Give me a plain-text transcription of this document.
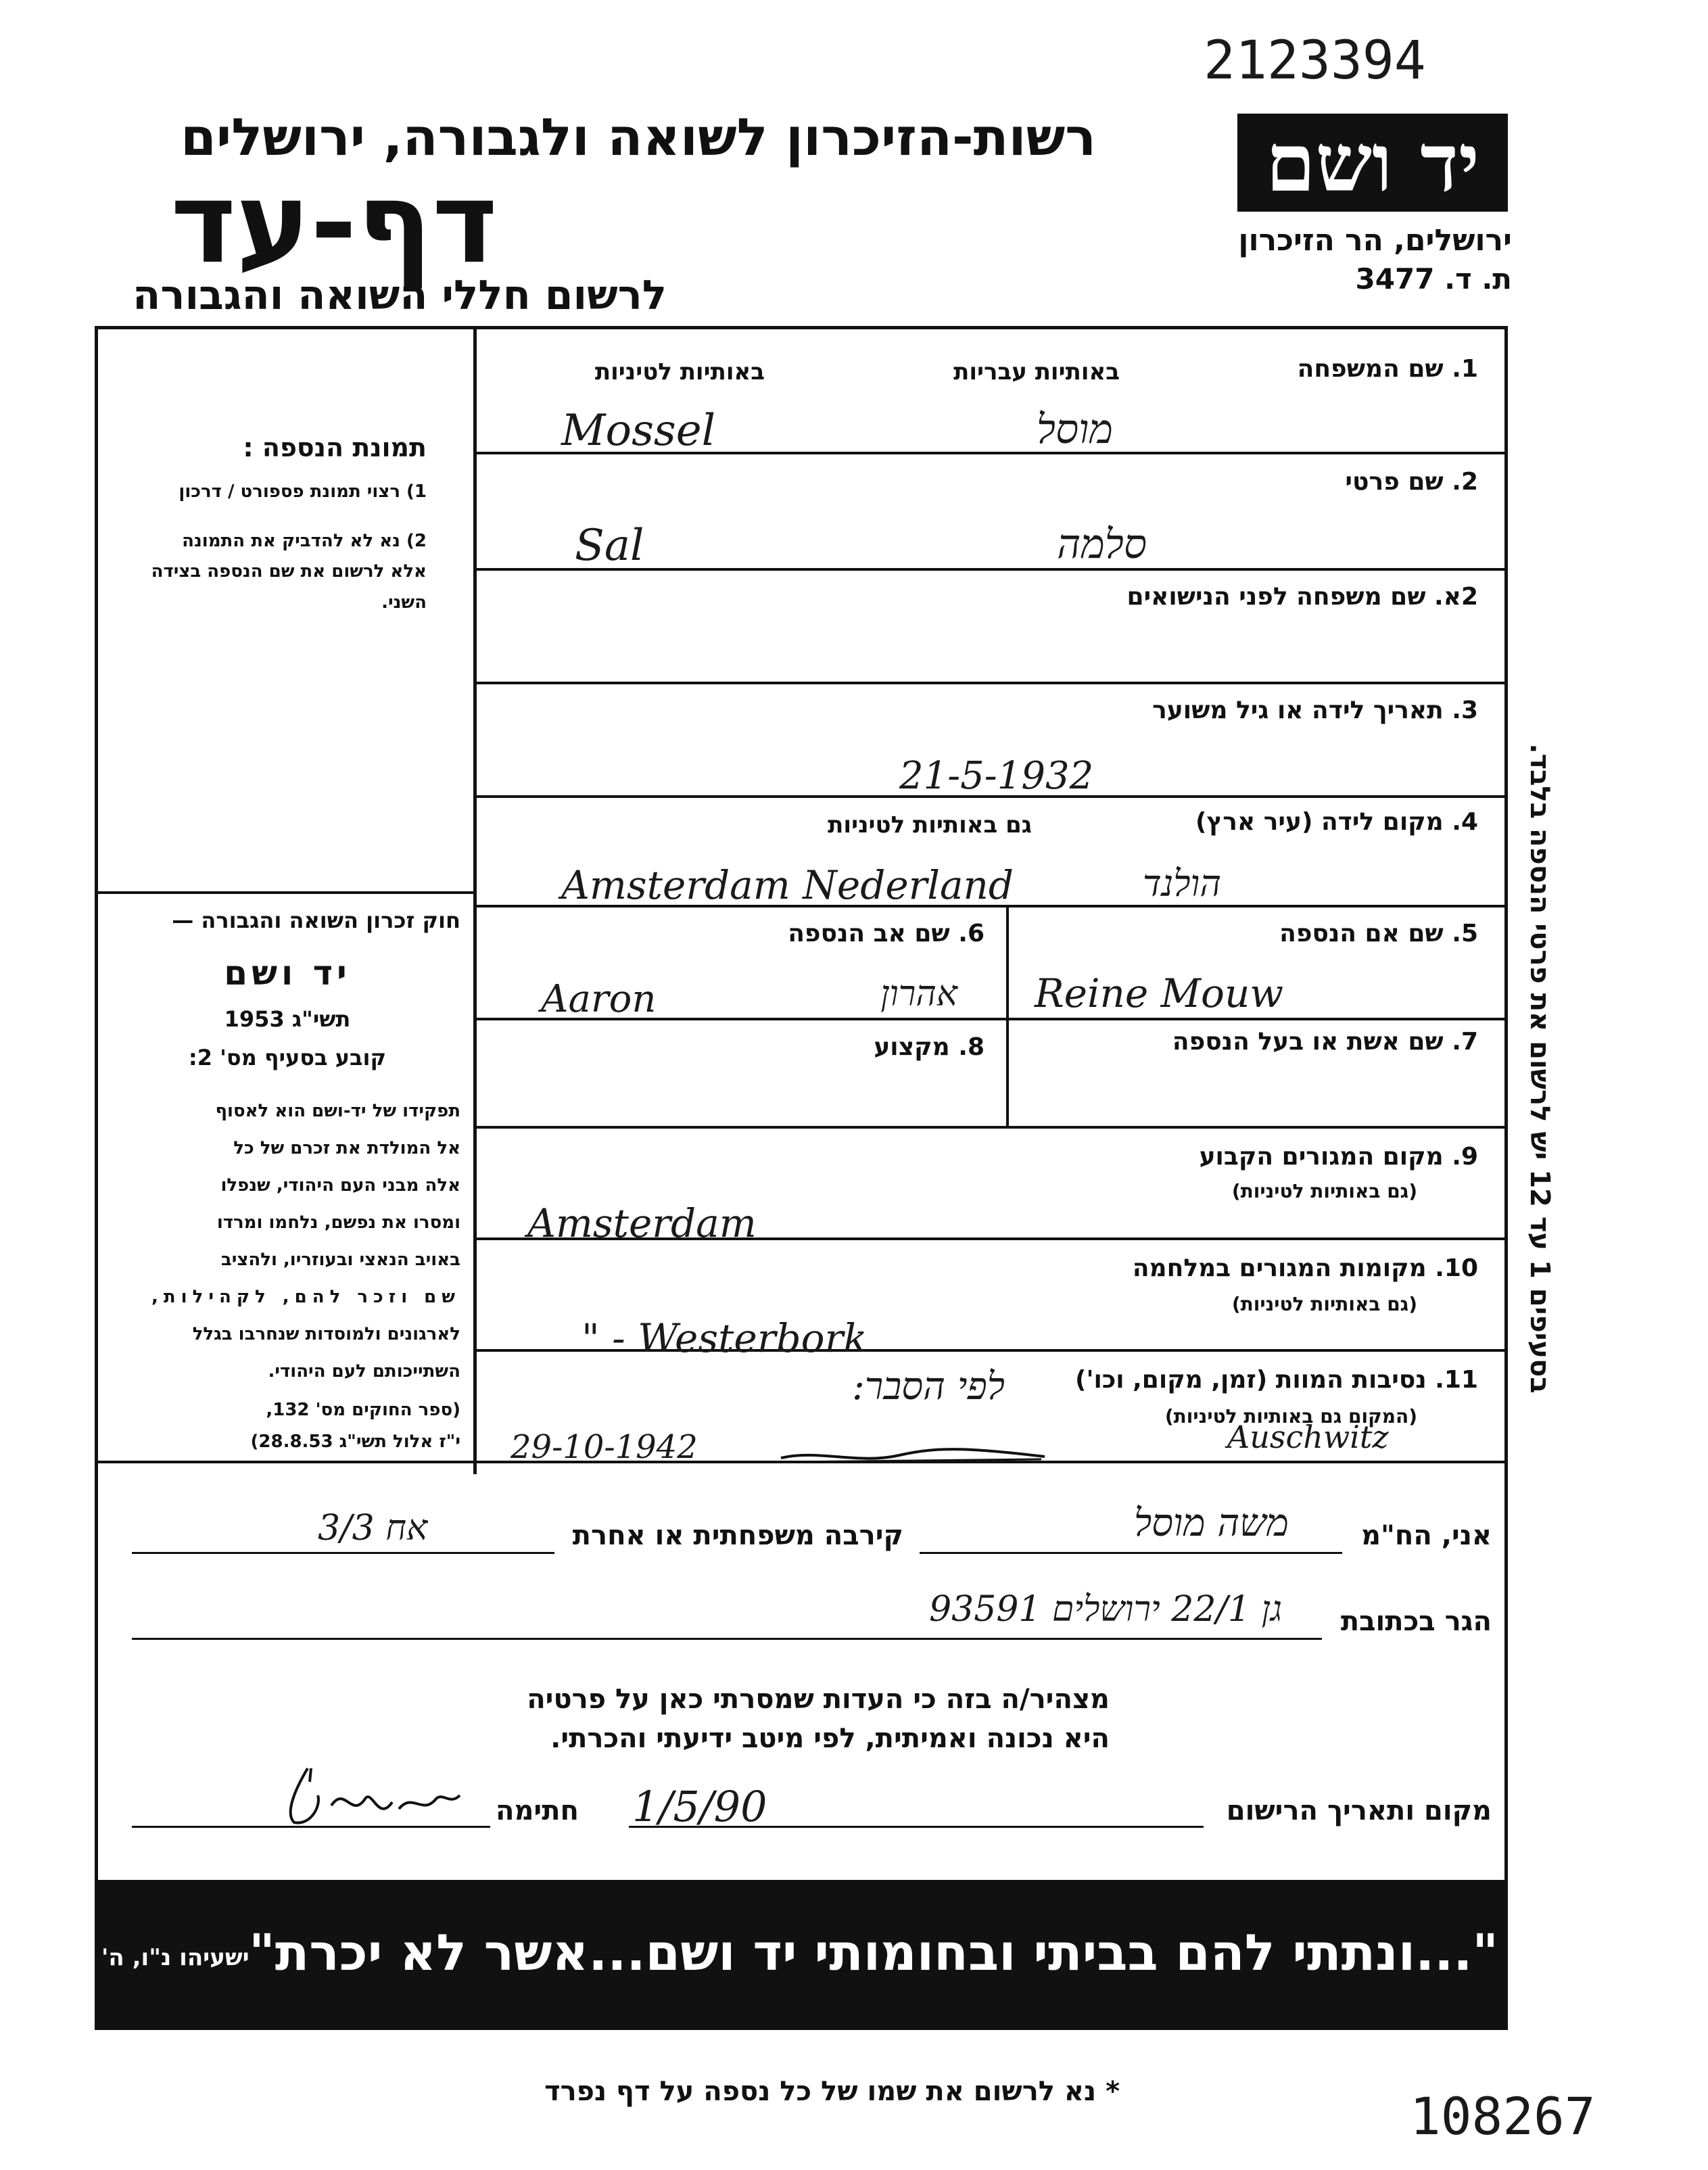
2123394
רשות-הזיכרון לשואה ולגבורה, ירושלים
דף-עד
לרשום חללי השואה והגבורה
יד ושם
ירושלים, הר הזיכרון
ת. ד. 3477
תמונת הנספה :
1) רצוי תמונת פספורט / דרכון
2) נא לא להדביק את התמונה
אלא לרשום את שם הנספה בצידה
השני.
חוק זכרון השואה והגבורה —
יד ושם
תשי"ג 1953
קובע בסעיף מס' 2:
תפקידו של יד-ושם הוא לאסוף
אל המולדת את זכרם של כל
אלה מבני העם היהודי, שנפלו
ומסרו את נפשם, נלחמו ומרדו
באויב הנאצי ובעוזריו, ולהציב
שם וזכר להם, לקהילות,
לארגונים ולמוסדות שנחרבו בגלל
השתייכותם לעם היהודי.
(ספר החוקים מס' 132,
י"ז אלול תשי"ג 28.8.53)
1. שם המשפחה
באותיות עבריות
באותיות לטיניות
Mossel	מוסל
2. שם פרטי
Sal	סלמה
2א. שם משפחה לפני הנישואים
3. תאריך לידה או גיל משוער
21-5-1932
4. מקום לידה (עיר ארץ)
גם באותיות לטיניות
Amsterdam Nederland	הולנד
5. שם אם הנספה
Reine Mouw
6. שם אב הנספה
Aaron	אהרון
7. שם אשת או בעל הנספה
8. מקצוע
9. מקום המגורים הקבוע
(גם באותיות לטיניות)
Amsterdam
10. מקומות המגורים במלחמה
(גם באותיות לטיניות)
" - Westerbork
11. נסיבות המוות (זמן, מקום, וכו')
(המקום גם באותיות לטיניות)
לפי הסבר:
29-10-1942	Auschwitz
אני, הח"מ
משה מוסל
קירבה משפחתית או אחרת
3/3 אח
הגר בכתובת
גן 22/1 ירושלים 93591
מצהיר/ה בזה כי העדות שמסרתי כאן על פרטיה
היא נכונה ואמיתית, לפי מיטב ידיעתי והכרתי.
מקום ותאריך הרישום
1/5/90
חתימה
בסעיפים 1 עד 12 יש לרשום את פרטי הנספה בלבד.
"...ונתתי להם בביתי ובחומותי יד ושם...אשר לא יכרת"
ישעיהו נ"ו, ה'
* נא לרשום את שמו של כל נספה על דף נפרד	108267
